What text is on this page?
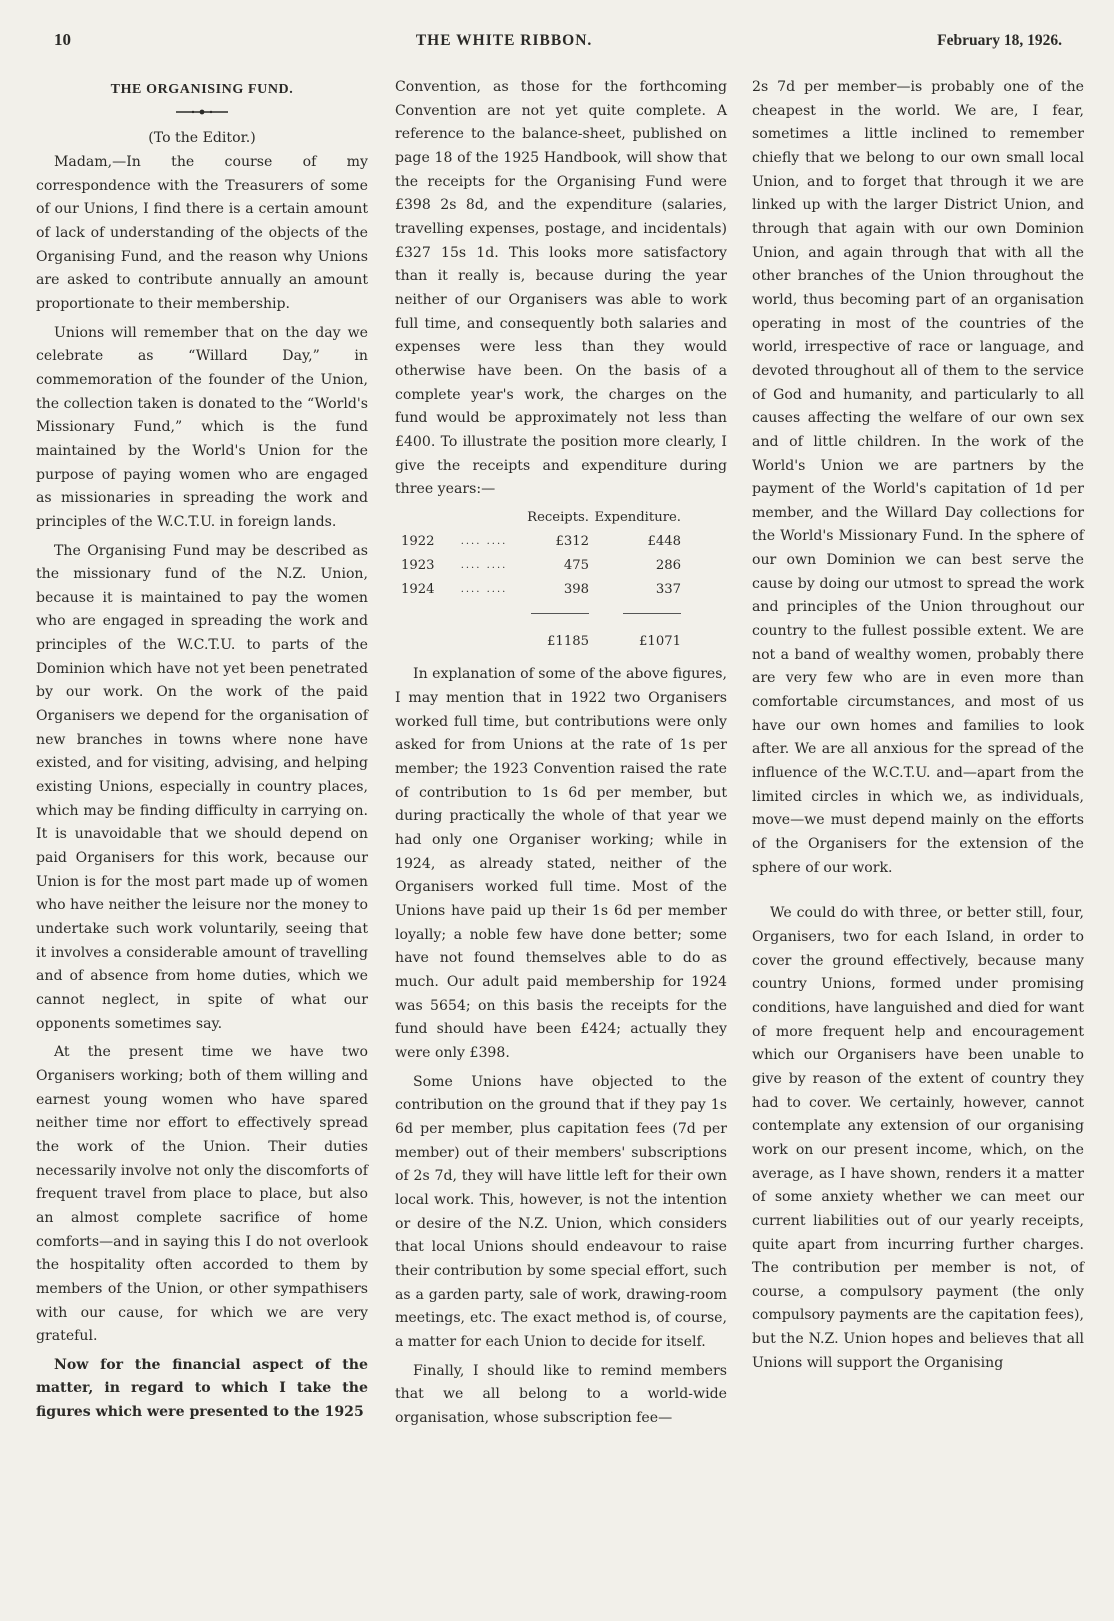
10	THE WHITE RIBBON.	February 18, 1926.
THE ORGANISING FUND.
(To the Editor.)

Madam,—In the course of my correspondence with the Treasurers of some of our Unions, I find there is a certain amount of lack of understanding of the objects of the Organising Fund, and the reason why Unions are asked to contribute annually an amount proportionate to their membership.

Unions will remember that on the day we celebrate as “Willard Day,” in commemoration of the founder of the Union, the collection taken is donated to the “World's Missionary Fund,” which is the fund maintained by the World's Union for the purpose of paying women who are engaged as missionaries in spreading the work and principles of the W.C.T.U. in foreign lands.

The Organising Fund may be described as the missionary fund of the N.Z. Union, because it is maintained to pay the women who are engaged in spreading the work and principles of the W.C.T.U. to parts of the Dominion which have not yet been penetrated by our work. On the work of the paid Organisers we depend for the organisation of new branches in towns where none have existed, and for visiting, advising, and helping existing Unions, especially in country places, which may be finding difficulty in carrying on. It is unavoidable that we should depend on paid Organisers for this work, because our Union is for the most part made up of women who have neither the leisure nor the money to undertake such work voluntarily, seeing that it involves a considerable amount of travelling and of absence from home duties, which we cannot neglect, in spite of what our opponents sometimes say.

At the present time we have two Organisers working; both of them willing and earnest young women who have spared neither time nor effort to effectively spread the work of the Union. Their duties necessarily involve not only the discomforts of frequent travel from place to place, but also an almost complete sacrifice of home comforts—and in saying this I do not overlook the hospitality often accorded to them by members of the Union, or other sympathisers with our cause, for which we are very grateful.

Now for the financial aspect of the matter, in regard to which I take the figures which were presented to the 1925

Convention, as those for the forthcoming Convention are not yet quite complete. A reference to the balance-sheet, published on page 18 of the 1925 Handbook, will show that the receipts for the Organising Fund were £398 2s 8d, and the expenditure (salaries, travelling expenses, postage, and incidentals) £327 15s 1d. This looks more satisfactory than it really is, because during the year neither of our Organisers was able to work full time, and consequently both salaries and expenses were less than they would otherwise have been. On the basis of a complete year's work, the charges on the fund would be approximately not less than £400. To illustrate the position more clearly, I give the receipts and expenditure during three years:—

		Receipts.	Expenditure.
1922	.... ....	£312	£448
1923	.... ....	475	286
1924	.... ....	398	337

		£1185	£1071

In explanation of some of the above figures, I may mention that in 1922 two Organisers worked full time, but contributions were only asked for from Unions at the rate of 1s per member; the 1923 Convention raised the rate of contribution to 1s 6d per member, but during practically the whole of that year we had only one Organiser working; while in 1924, as already stated, neither of the Organisers worked full time. Most of the Unions have paid up their 1s 6d per member loyally; a noble few have done better; some have not found themselves able to do as much. Our adult paid membership for 1924 was 5654; on this basis the receipts for the fund should have been £424; actually they were only £398.

Some Unions have objected to the contribution on the ground that if they pay 1s 6d per member, plus capitation fees (7d per member) out of their members' subscriptions of 2s 7d, they will have little left for their own local work. This, however, is not the intention or desire of the N.Z. Union, which considers that local Unions should endeavour to raise their contribution by some special effort, such as a garden party, sale of work, drawing-room meetings, etc. The exact method is, of course, a matter for each Union to decide for itself.

Finally, I should like to remind members that we all belong to a world-wide organisation, whose subscription fee—

2s 7d per member—is probably one of the cheapest in the world. We are, I fear, sometimes a little inclined to remember chiefly that we belong to our own small local Union, and to forget that through it we are linked up with the larger District Union, and through that again with our own Dominion Union, and again through that with all the other branches of the Union throughout the world, thus becoming part of an organisation operating in most of the countries of the world, irrespective of race or language, and devoted throughout all of them to the service of God and humanity, and particularly to all causes affecting the welfare of our own sex and of little children. In the work of the World's Union we are partners by the payment of the World's capitation of 1d per member, and the Willard Day collections for the World's Missionary Fund. In the sphere of our own Dominion we can best serve the cause by doing our utmost to spread the work and principles of the Union throughout our country to the fullest possible extent. We are not a band of wealthy women, probably there are very few who are in even more than comfortable circumstances, and most of us have our own homes and families to look after. We are all anxious for the spread of the influence of the W.C.T.U. and—apart from the limited circles in which we, as individuals, move—we must depend mainly on the efforts of the Organisers for the extension of the sphere of our work.

We could do with three, or better still, four, Organisers, two for each Island, in order to cover the ground effectively, because many country Unions, formed under promising conditions, have languished and died for want of more frequent help and encouragement which our Organisers have been unable to give by reason of the extent of country they had to cover. We certainly, however, cannot contemplate any extension of our organising work on our present income, which, on the average, as I have shown, renders it a matter of some anxiety whether we can meet our current liabilities out of our yearly receipts, quite apart from incurring further charges. The contribution per member is not, of course, a compulsory payment (the only compulsory payments are the capitation fees), but the N.Z. Union hopes and believes that all Unions will support the Organising
